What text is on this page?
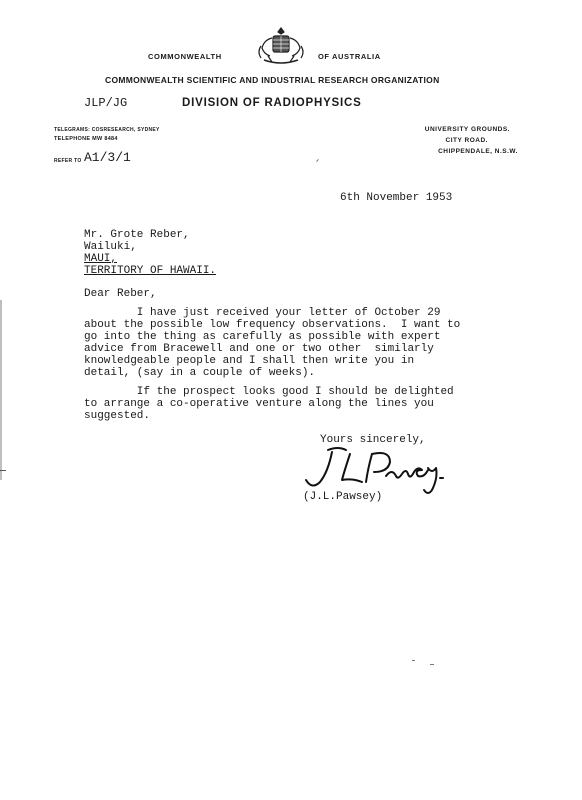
COMMONWEALTH	OF AUSTRALIA
COMMONWEALTH SCIENTIFIC AND INDUSTRIAL RESEARCH ORGANIZATION
JLP/JG	DIVISION OF RADIOPHYSICS
TELEGRAMS: COSRESEARCH, SYDNEY
TELEPHONE MW 8484
REFER TO A1/3/1
UNIVERSITY GROUNDS.
CITY ROAD.
CHIPPENDALE, N.S.W.
6th November 1953
Mr. Grote Reber,
Wailuki,
MAUI,
TERRITORY OF HAWAII.
Dear Reber,
I have just received your letter of October 29
about the possible low frequency observations.  I want to
go into the thing as carefully as possible with expert
advice from Bracewell and one or two other  similarly
knowledgeable people and I shall then write you in
detail, (say in a couple of weeks).
If the prospect looks good I should be delighted
to arrange a co-operative venture along the lines you
suggested.
Yours sincerely,
(J.L.Pawsey)
